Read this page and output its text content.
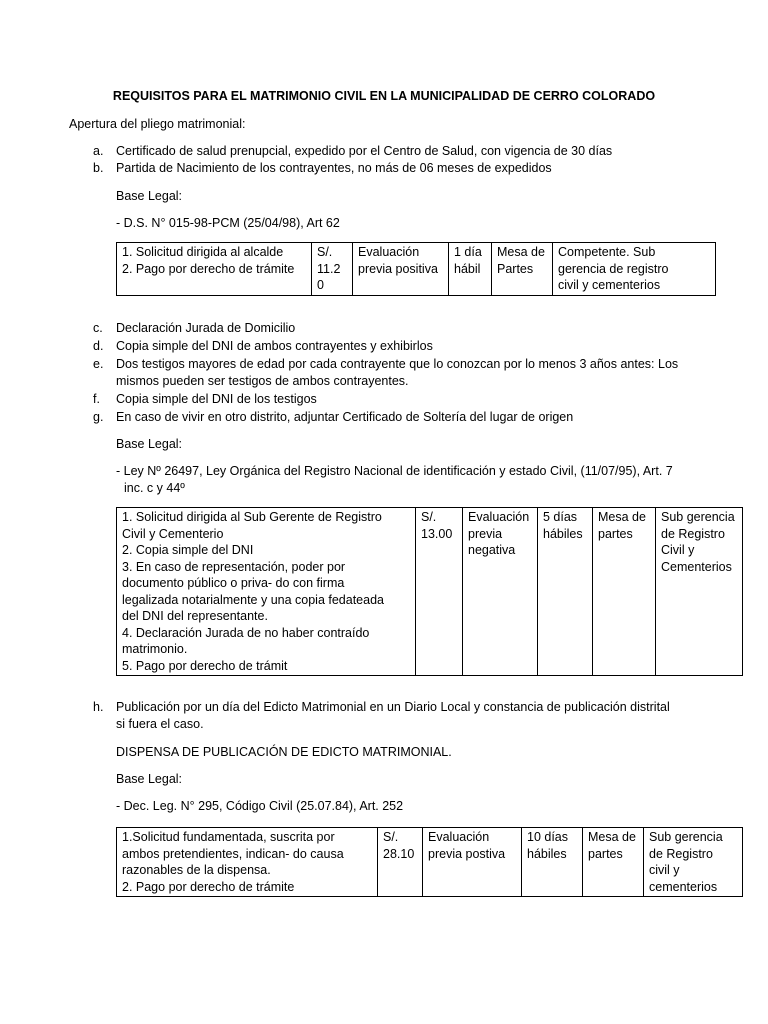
REQUISITOS PARA EL MATRIMONIO CIVIL EN LA MUNICIPALIDAD DE CERRO COLORADO
Apertura del pliego matrimonial:
a. Certificado de salud prenupcial, expedido por el Centro de Salud, con vigencia de 30 días
b. Partida de Nacimiento de los contrayentes, no más de 06 meses de expedidos
Base Legal:
- D.S. N° 015-98-PCM (25/04/98), Art 62
1. Solicitud dirigida al alcalde
2. Pago por derecho de trámite

S/.
11.2
0

Evaluación
previa positiva

1 día
hábil

Mesa de
Partes

Competente. Sub
gerencia de registro
civil y cementerios
c. Declaración Jurada de Domicilio
d. Copia simple del DNI de ambos contrayentes y exhibirlos
e. Dos testigos mayores de edad por cada contrayente que lo conozcan por lo menos 3 años antes: Los
mismos pueden ser testigos de ambos contrayentes.
f. Copia simple del DNI de los testigos
g. En caso de vivir en otro distrito, adjuntar Certificado de Soltería del lugar de origen
Base Legal:
- Ley Nº 26497, Ley Orgánica del Registro Nacional de identificación y estado Civil, (11/07/95), Art. 7
inc. c y 44º
1. Solicitud dirigida al Sub Gerente de Registro
Civil y Cementerio
2. Copia simple del DNI
3. En caso de representación, poder por
documento público o priva- do con firma
legalizada notarialmente y una copia fedateada
del DNI del representante.
4. Declaración Jurada de no haber contraído
matrimonio.
5. Pago por derecho de trámit

S/.
13.00

Evaluación
previa
negativa

5 días
hábiles

Mesa de
partes

Sub gerencia
de Registro
Civil y
Cementerios
h. Publicación por un día del Edicto Matrimonial en un Diario Local y constancia de publicación distrital
si fuera el caso.
DISPENSA DE PUBLICACIÓN DE EDICTO MATRIMONIAL.
Base Legal:
- Dec. Leg. N° 295, Código Civil (25.07.84), Art. 252
1.Solicitud fundamentada, suscrita por
ambos pretendientes, indican- do causa
razonables de la dispensa.
2. Pago por derecho de trámite

S/.
28.10

Evaluación
previa postiva

10 días
hábiles

Mesa de
partes

Sub gerencia
de Registro
civil y
cementerios
